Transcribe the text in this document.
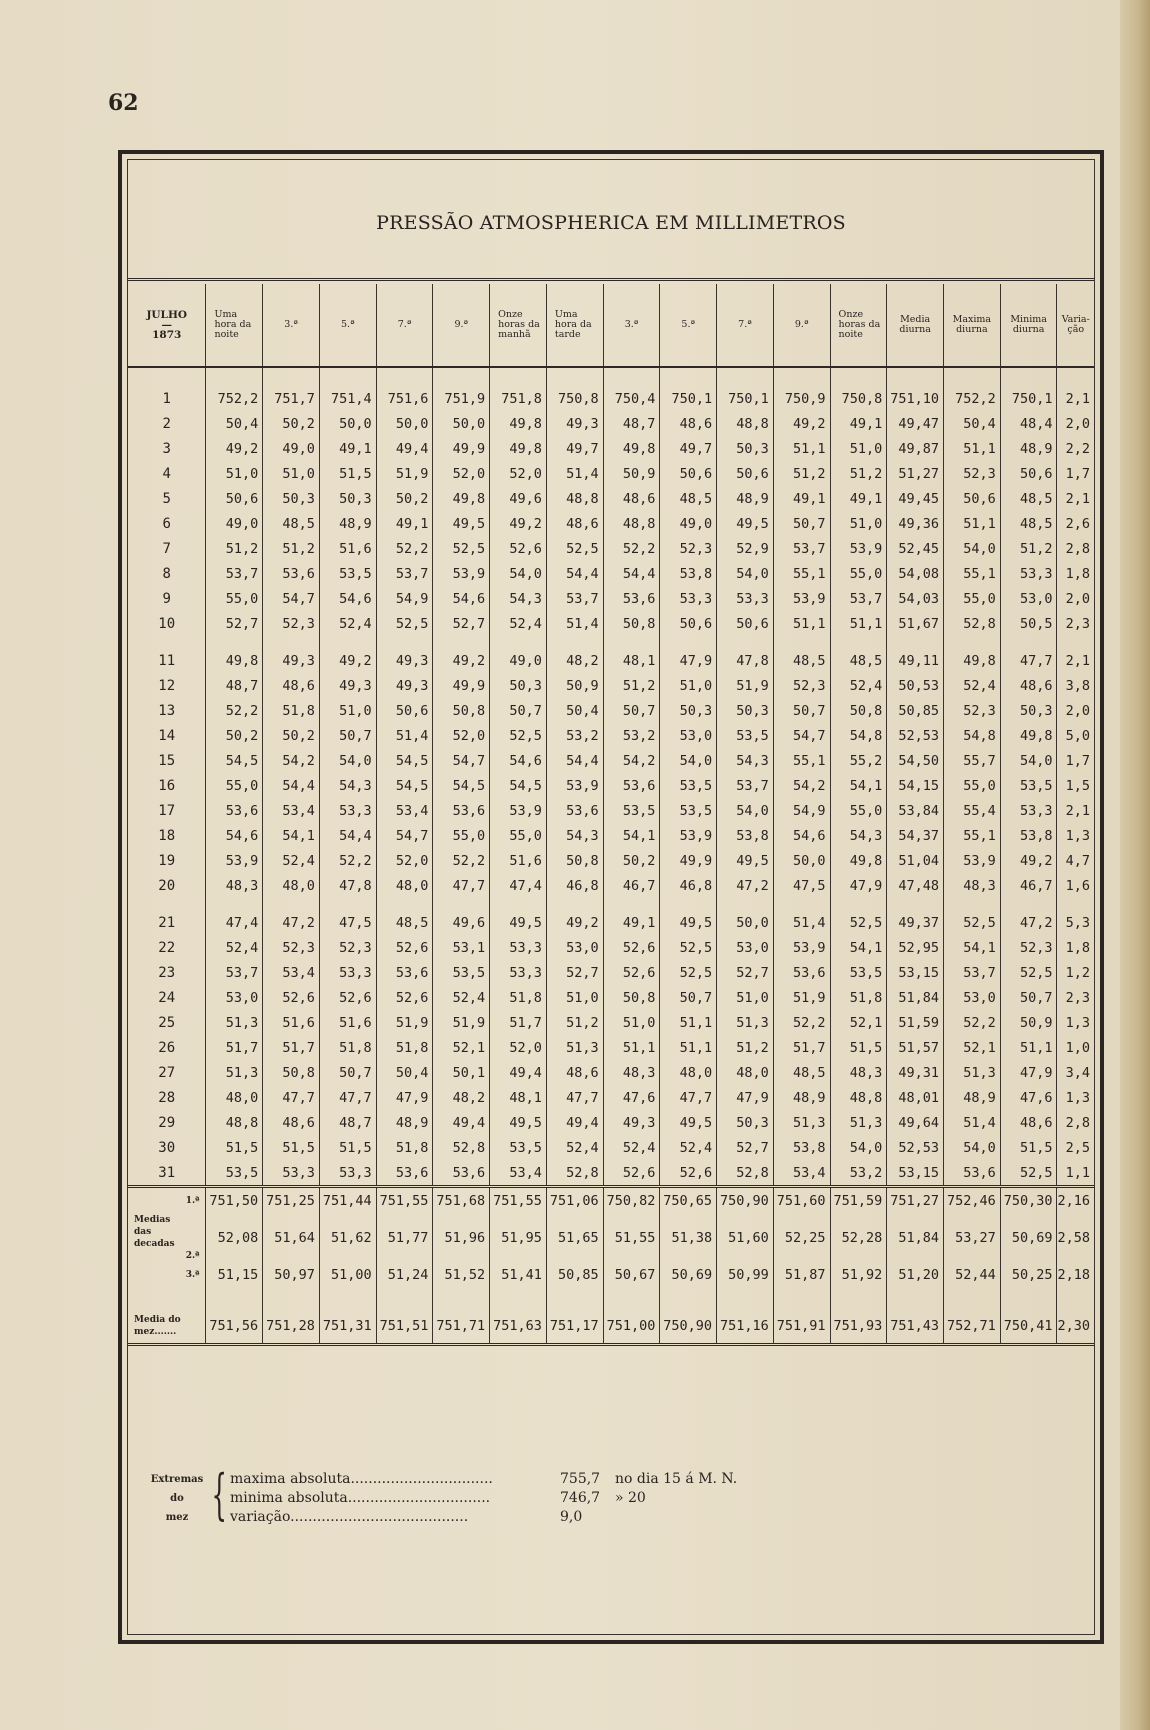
62
PRESSÃO ATMOSPHERICA EM MILLIMETROS
JULHO
—
1873	Uma hora da noite	3.ª	5.ª	7.ª	9.ª	Onze horas da manhã	Uma hora da tarde	3.ª	5.ª	7.ª	9.ª	Onze horas da noite	Media diurna	Maxima diurna	Minima diurna	Varia-ção

1	752,2	751,7	751,4	751,6	751,9	751,8	750,8	750,4	750,1	750,1	750,9	750,8	751,10	752,2	750,1	2,1
2	50,4	50,2	50,0	50,0	50,0	49,8	49,3	48,7	48,6	48,8	49,2	49,1	49,47	50,4	48,4	2,0
3	49,2	49,0	49,1	49,4	49,9	49,8	49,7	49,8	49,7	50,3	51,1	51,0	49,87	51,1	48,9	2,2
4	51,0	51,0	51,5	51,9	52,0	52,0	51,4	50,9	50,6	50,6	51,2	51,2	51,27	52,3	50,6	1,7
5	50,6	50,3	50,3	50,2	49,8	49,6	48,8	48,6	48,5	48,9	49,1	49,1	49,45	50,6	48,5	2,1
6	49,0	48,5	48,9	49,1	49,5	49,2	48,6	48,8	49,0	49,5	50,7	51,0	49,36	51,1	48,5	2,6
7	51,2	51,2	51,6	52,2	52,5	52,6	52,5	52,2	52,3	52,9	53,7	53,9	52,45	54,0	51,2	2,8
8	53,7	53,6	53,5	53,7	53,9	54,0	54,4	54,4	53,8	54,0	55,1	55,0	54,08	55,1	53,3	1,8
9	55,0	54,7	54,6	54,9	54,6	54,3	53,7	53,6	53,3	53,3	53,9	53,7	54,03	55,0	53,0	2,0
10	52,7	52,3	52,4	52,5	52,7	52,4	51,4	50,8	50,6	50,6	51,1	51,1	51,67	52,8	50,5	2,3

11	49,8	49,3	49,2	49,3	49,2	49,0	48,2	48,1	47,9	47,8	48,5	48,5	49,11	49,8	47,7	2,1
12	48,7	48,6	49,3	49,3	49,9	50,3	50,9	51,2	51,0	51,9	52,3	52,4	50,53	52,4	48,6	3,8
13	52,2	51,8	51,0	50,6	50,8	50,7	50,4	50,7	50,3	50,3	50,7	50,8	50,85	52,3	50,3	2,0
14	50,2	50,2	50,7	51,4	52,0	52,5	53,2	53,2	53,0	53,5	54,7	54,8	52,53	54,8	49,8	5,0
15	54,5	54,2	54,0	54,5	54,7	54,6	54,4	54,2	54,0	54,3	55,1	55,2	54,50	55,7	54,0	1,7
16	55,0	54,4	54,3	54,5	54,5	54,5	53,9	53,6	53,5	53,7	54,2	54,1	54,15	55,0	53,5	1,5
17	53,6	53,4	53,3	53,4	53,6	53,9	53,6	53,5	53,5	54,0	54,9	55,0	53,84	55,4	53,3	2,1
18	54,6	54,1	54,4	54,7	55,0	55,0	54,3	54,1	53,9	53,8	54,6	54,3	54,37	55,1	53,8	1,3
19	53,9	52,4	52,2	52,0	52,2	51,6	50,8	50,2	49,9	49,5	50,0	49,8	51,04	53,9	49,2	4,7
20	48,3	48,0	47,8	48,0	47,7	47,4	46,8	46,7	46,8	47,2	47,5	47,9	47,48	48,3	46,7	1,6

21	47,4	47,2	47,5	48,5	49,6	49,5	49,2	49,1	49,5	50,0	51,4	52,5	49,37	52,5	47,2	5,3
22	52,4	52,3	52,3	52,6	53,1	53,3	53,0	52,6	52,5	53,0	53,9	54,1	52,95	54,1	52,3	1,8
23	53,7	53,4	53,3	53,6	53,5	53,3	52,7	52,6	52,5	52,7	53,6	53,5	53,15	53,7	52,5	1,2
24	53,0	52,6	52,6	52,6	52,4	51,8	51,0	50,8	50,7	51,0	51,9	51,8	51,84	53,0	50,7	2,3
25	51,3	51,6	51,6	51,9	51,9	51,7	51,2	51,0	51,1	51,3	52,2	52,1	51,59	52,2	50,9	1,3
26	51,7	51,7	51,8	51,8	52,1	52,0	51,3	51,1	51,1	51,2	51,7	51,5	51,57	52,1	51,1	1,0
27	51,3	50,8	50,7	50,4	50,1	49,4	48,6	48,3	48,0	48,0	48,5	48,3	49,31	51,3	47,9	3,4
28	48,0	47,7	47,7	47,9	48,2	48,1	47,7	47,6	47,7	47,9	48,9	48,8	48,01	48,9	47,6	1,3
29	48,8	48,6	48,7	48,9	49,4	49,5	49,4	49,3	49,5	50,3	51,3	51,3	49,64	51,4	48,6	2,8
30	51,5	51,5	51,5	51,8	52,8	53,5	52,4	52,4	52,4	52,7	53,8	54,0	52,53	54,0	51,5	2,5
31	53,5	53,3	53,3	53,6	53,6	53,4	52,8	52,6	52,6	52,8	53,4	53,2	53,15	53,6	52,5	1,1

1.ª	751,50	751,25	751,44	751,55	751,68	751,55	751,06	750,82	750,65	750,90	751,60	751,59	751,27	752,46	750,30	2,16

Medias
das
decadas
2.ª	52,08	51,64	51,62	51,77	51,96	51,95	51,65	51,55	51,38	51,60	52,25	52,28	51,84	53,27	50,69	2,58

3.ª	51,15	50,97	51,00	51,24	51,52	51,41	50,85	50,67	50,69	50,99	51,87	51,92	51,20	52,44	50,25	2,18

Media do
mez.......	751,56	751,28	751,31	751,51	751,71	751,63	751,17	751,00	750,90	751,16	751,91	751,93	751,43	752,71	750,41	2,30
Extremas
do
mez { maxima absoluta................................	755,7	no dia 15 á M. N.
minima absoluta................................	746,7	» 20
variação........................................	9,0
